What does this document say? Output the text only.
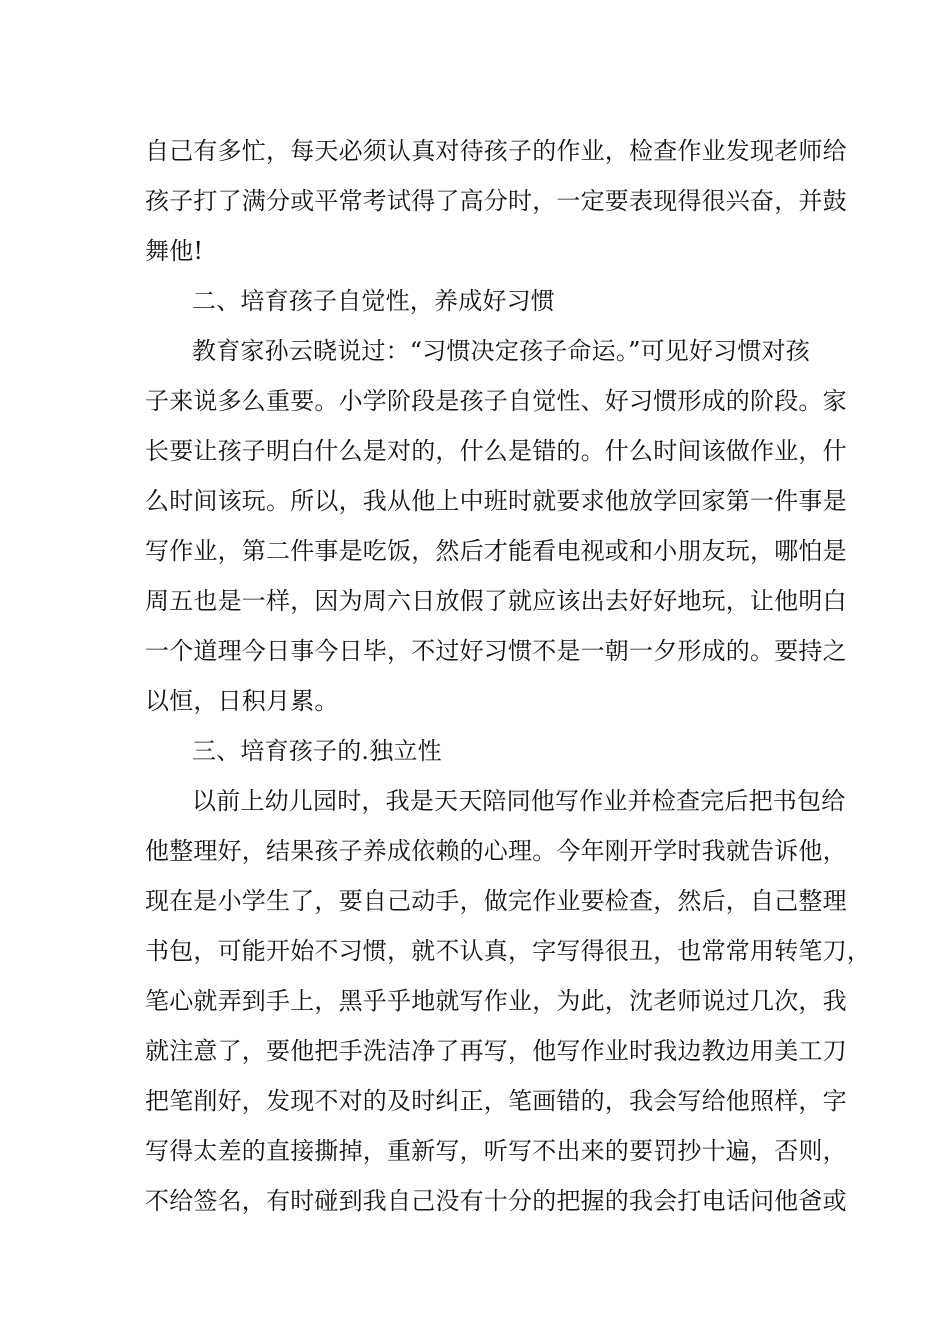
自己有多忙，每天必须认真对待孩子的作业，检查作业发现老师给
孩子打了满分或平常考试得了高分时，一定要表现得很兴奋，并鼓
舞他!
二、培育孩子自觉性，养成好习惯
教育家孙云晓说过：“习惯决定孩子命运。”可见好习惯对孩
子来说多么重要。小学阶段是孩子自觉性、好习惯形成的阶段。家
长要让孩子明白什么是对的，什么是错的。什么时间该做作业，什
么时间该玩。所以，我从他上中班时就要求他放学回家第一件事是
写作业，第二件事是吃饭，然后才能看电视或和小朋友玩，哪怕是
周五也是一样，因为周六日放假了就应该出去好好地玩，让他明白
一个道理今日事今日毕，不过好习惯不是一朝一夕形成的。要持之
以恒，日积月累。
三、培育孩子的.独立性
以前上幼儿园时，我是天天陪同他写作业并检查完后把书包给
他整理好，结果孩子养成依赖的心理。今年刚开学时我就告诉他，
现在是小学生了，要自己动手，做完作业要检查，然后，自己整理
书包，可能开始不习惯，就不认真，字写得很丑，也常常用转笔刀，
笔心就弄到手上，黑乎乎地就写作业，为此，沈老师说过几次，我
就注意了，要他把手洗洁净了再写，他写作业时我边教边用美工刀
把笔削好，发现不对的及时纠正，笔画错的，我会写给他照样，字
写得太差的直接撕掉，重新写，听写不出来的要罚抄十遍，否则，
不给签名，有时碰到我自己没有十分的把握的我会打电话问他爸或
